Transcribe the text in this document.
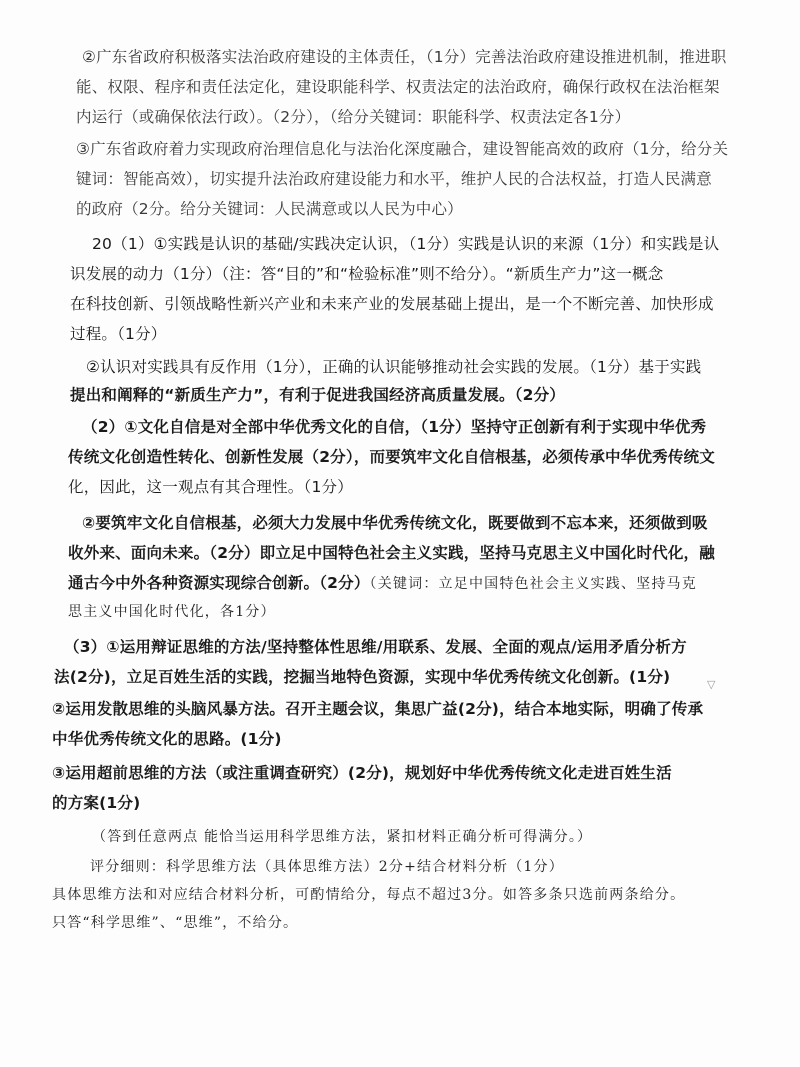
②广东省政府积极落实法治政府建设的主体责任，（1分）完善法治政府建设推进机制，推进职
能、权限、程序和责任法定化，建设职能科学、权责法定的法治政府，确保行政权在法治框架
内运行（或确保依法行政）。（2分），（给分关键词：职能科学、权责法定各1分）
③广东省政府着力实现政府治理信息化与法治化深度融合，建设智能高效的政府（1分，给分关
键词：智能高效），切实提升法治政府建设能力和水平，维护人民的合法权益，打造人民满意
的政府（2分。给分关键词：人民满意或以人民为中心）
20（1）①实践是认识的基础/实践决定认识，（1分）实践是认识的来源（1分）和实践是认
识发展的动力（1分）（注：答“目的”和“检验标准”则不给分）。“新质生产力”这一概念
在科技创新、引领战略性新兴产业和未来产业的发展基础上提出，是一个不断完善、加快形成
过程。（1分）
②认识对实践具有反作用（1分），正确的认识能够推动社会实践的发展。（1分）基于实践
提出和阐释的“新质生产力”，有利于促进我国经济高质量发展。（2分）
（2）①文化自信是对全部中华优秀文化的自信，（1分）坚持守正创新有利于实现中华优秀
传统文化创造性转化、创新性发展（2分），而要筑牢文化自信根基，必须传承中华优秀传统文
化，因此，这一观点有其合理性。（1分）
②要筑牢文化自信根基，必须大力发展中华优秀传统文化，既要做到不忘本来，还须做到吸
收外来、面向未来。（2分）即立足中国特色社会主义实践，坚持马克思主义中国化时代化，融
通古今中外各种资源实现综合创新。（2分）（关键词：立足中国特色社会主义实践、坚持马克
思主义中国化时代化，各1分）
（3）①运用辩证思维的方法/坚持整体性思维/用联系、发展、全面的观点/运用矛盾分析方
法(2分)，立足百姓生活的实践，挖掘当地特色资源，实现中华优秀传统文化创新。(1分)
②运用发散思维的头脑风暴方法。召开主题会议，集思广益(2分)，结合本地实际，明确了传承
中华优秀传统文化的思路。(1分)
③运用超前思维的方法（或注重调查研究）(2分)，规划好中华优秀传统文化走进百姓生活
的方案(1分)
（答到任意两点 能恰当运用科学思维方法，紧扣材料正确分析可得满分。）
评分细则：科学思维方法（具体思维方法）2分+结合材料分析（1分）
具体思维方法和对应结合材料分析，可酌情给分，每点不超过3分。如答多条只选前两条给分。
只答“科学思维”、“思维”，不给分。
▽
